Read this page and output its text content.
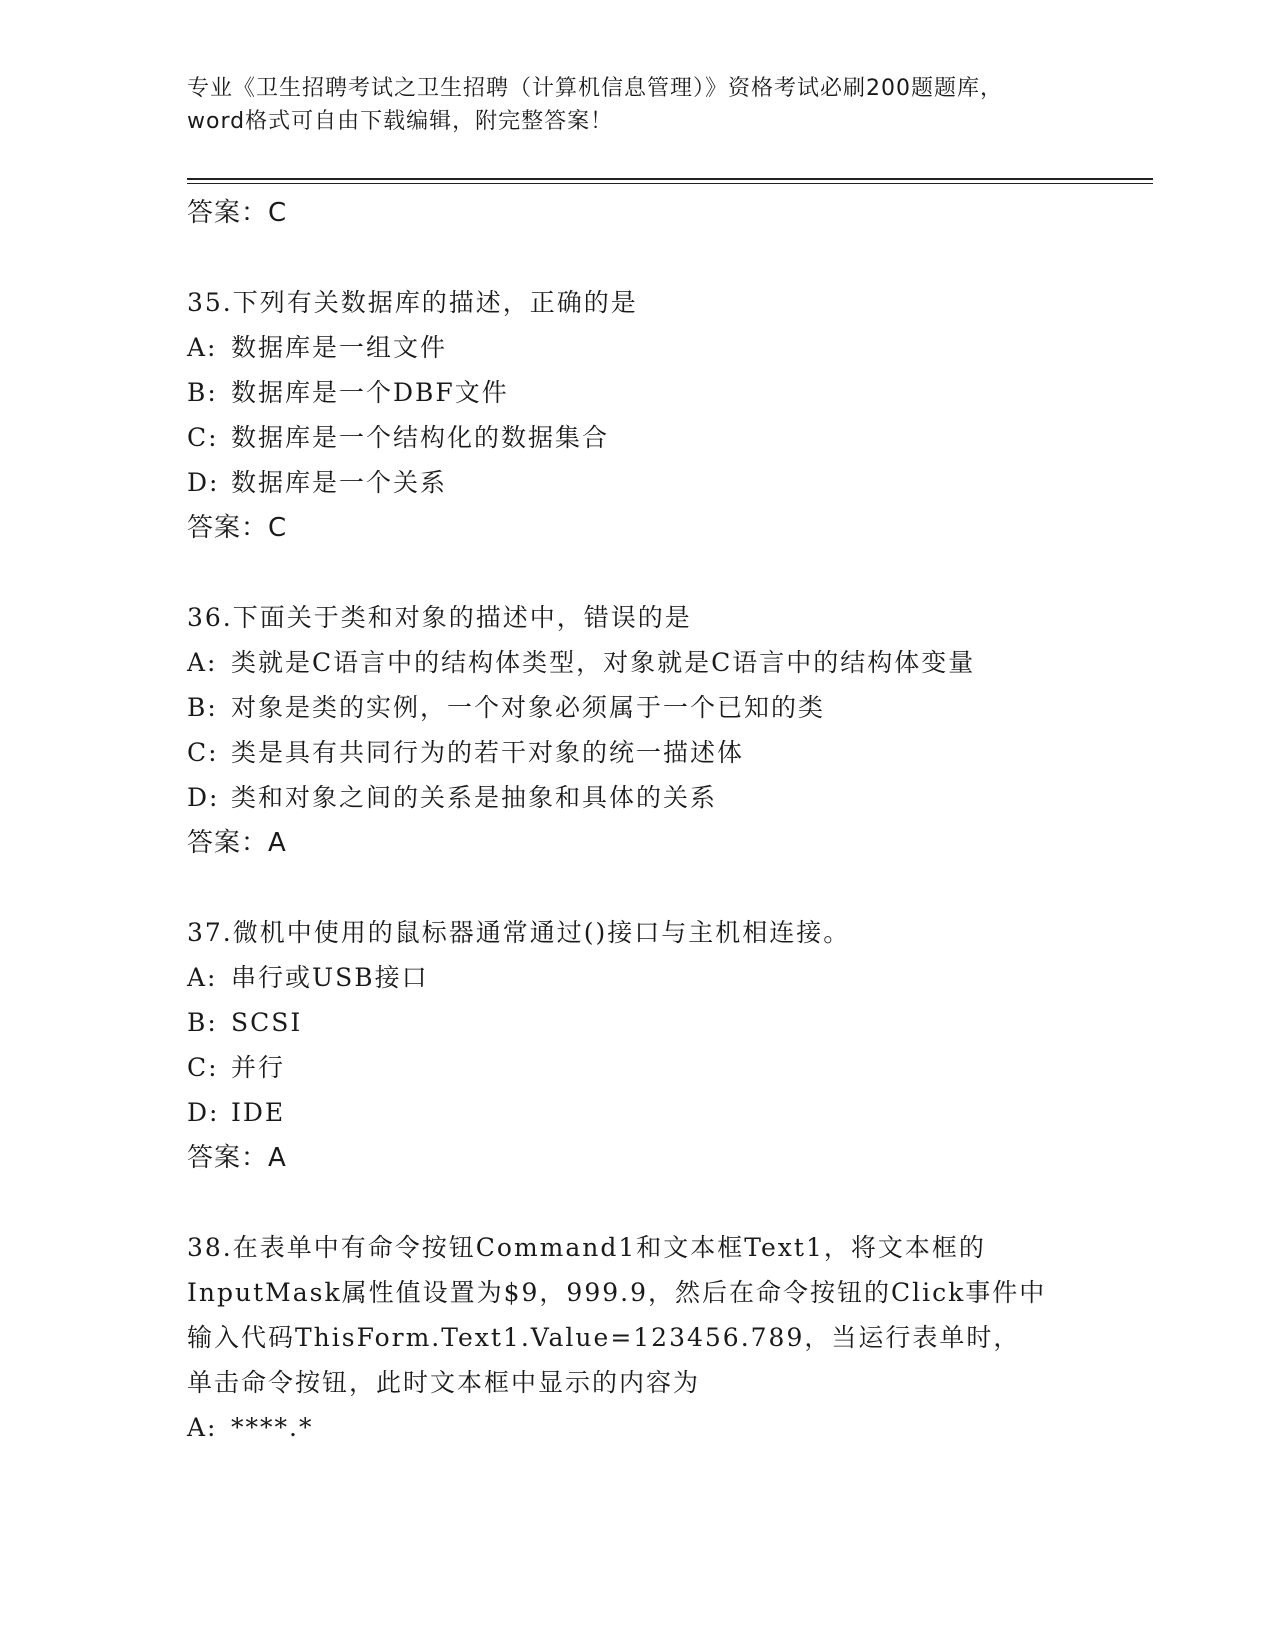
专业《卫生招聘考试之卫生招聘（计算机信息管理）》资格考试必刷200题题库，
word格式可自由下载编辑，附完整答案！
答案：C
35.下列有关数据库的描述，正确的是
A: 数据库是一组文件
B: 数据库是一个DBF文件
C: 数据库是一个结构化的数据集合
D: 数据库是一个关系
答案：C
36.下面关于类和对象的描述中，错误的是
A: 类就是C语言中的结构体类型，对象就是C语言中的结构体变量
B: 对象是类的实例，一个对象必须属于一个已知的类
C: 类是具有共同行为的若干对象的统一描述体
D: 类和对象之间的关系是抽象和具体的关系
答案：A
37.微机中使用的鼠标器通常通过()接口与主机相连接。
A: 串行或USB接口
B: SCSI
C: 并行
D: IDE
答案：A
38.在表单中有命令按钮Command1和文本框Text1，将文本框的InputMask属性值设置为$9，999.9，然后在命令按钮的Click事件中输入代码ThisForm.Text1.Value=123456.789，当运行表单时，单击命令按钮，此时文本框中显示的内容为
A: ****.*
